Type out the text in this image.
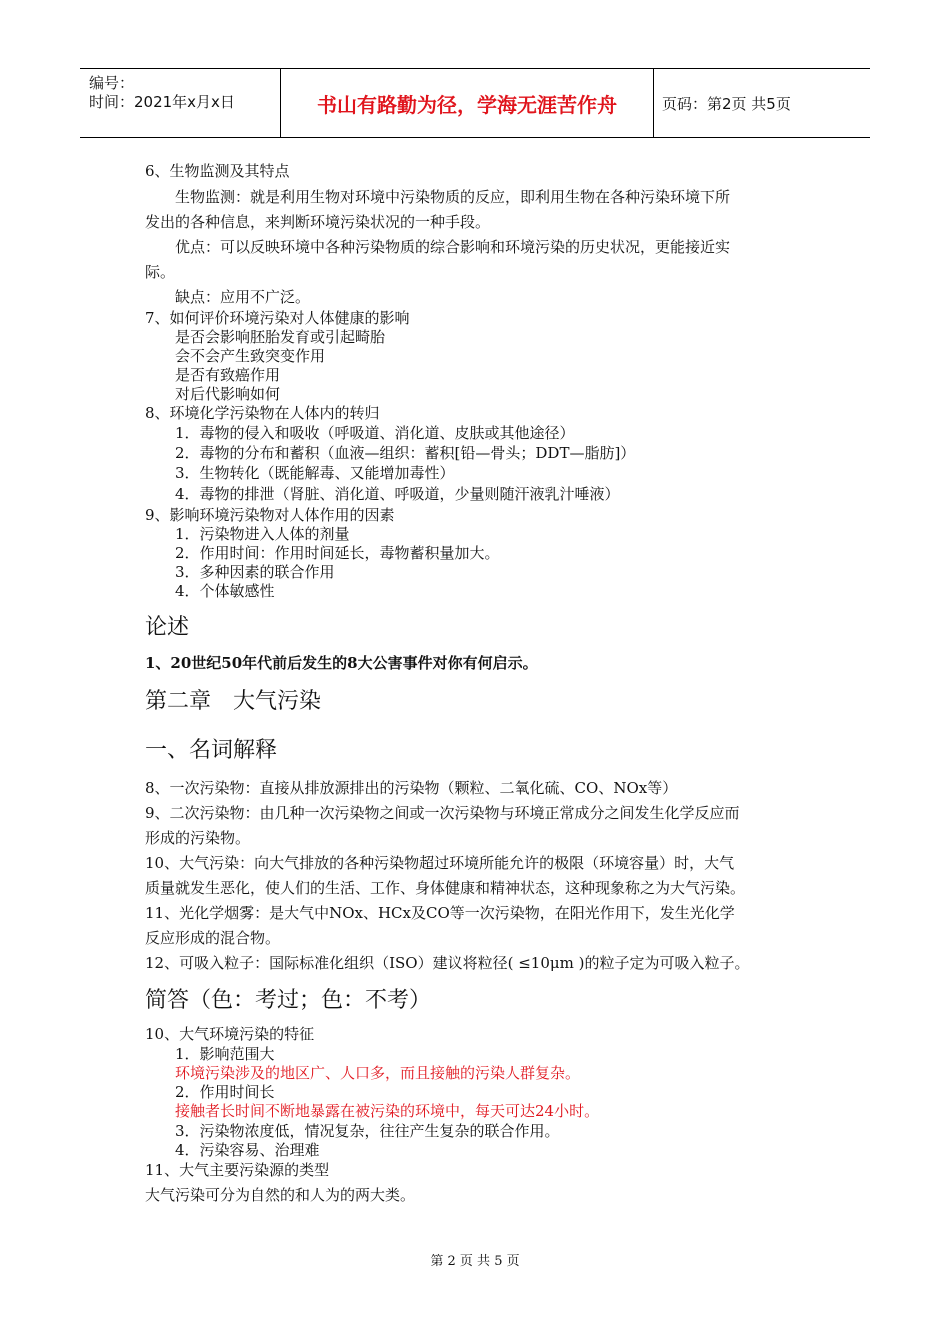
编号：
时间：2021年x月x日	书山有路勤为径，学海无涯苦作舟	页码：第2页 共5页
6、生物监测及其特点
　　生物监测：就是利用生物对环境中污染物质的反应，即利用生物在各种污染环境下所
发出的各种信息，来判断环境污染状况的一种手段。
　　优点：可以反映环境中各种污染物质的综合影响和环境污染的历史状况，更能接近实
际。
　　缺点：应用不广泛。
7、如何评价环境污染对人体健康的影响
　　是否会影响胚胎发育或引起畸胎
　　会不会产生致突变作用
　　是否有致癌作用
　　对后代影响如何
8、环境化学污染物在人体内的转归
　　1．毒物的侵入和吸收（呼吸道、消化道、皮肤或其他途径）
　　2．毒物的分布和蓄积（血液—组织：蓄积[铅—骨头；DDT—脂肪]）
　　3．生物转化（既能解毒、又能增加毒性）
　　4．毒物的排泄（肾脏、消化道、呼吸道，少量则随汗液乳汁唾液）
9、影响环境污染物对人体作用的因素
　　1．污染物进入人体的剂量
　　2．作用时间：作用时间延长，毒物蓄积量加大。
　　3．多种因素的联合作用
　　4．个体敏感性
论述
1、20世纪50年代前后发生的8大公害事件对你有何启示。
第二章　大气污染
一、名词解释
8、一次污染物：直接从排放源排出的污染物（颗粒、二氧化硫、CO、NOx等）
9、二次污染物：由几种一次污染物之间或一次污染物与环境正常成分之间发生化学反应而
形成的污染物。
10、大气污染：向大气排放的各种污染物超过环境所能允许的极限（环境容量）时，大气
质量就发生恶化，使人们的生活、工作、身体健康和精神状态，这种现象称之为大气污染。
11、光化学烟雾：是大气中NOx、HCx及CO等一次污染物，在阳光作用下，发生光化学
反应形成的混合物。
12、可吸入粒子：国际标准化组织（ISO）建议将粒径( ≤10μm )的粒子定为可吸入粒子。
简答（色：考过；色：不考）
10、大气环境污染的特征
　　1．影响范围大
　　环境污染涉及的地区广、人口多，而且接触的污染人群复杂。
　　2．作用时间长
　　接触者长时间不断地暴露在被污染的环境中，每天可达24小时。
　　3．污染物浓度低，情况复杂，往往产生复杂的联合作用。
　　4．污染容易、治理难
11、大气主要污染源的类型
大气污染可分为自然的和人为的两大类。
第 2 页 共 5 页
